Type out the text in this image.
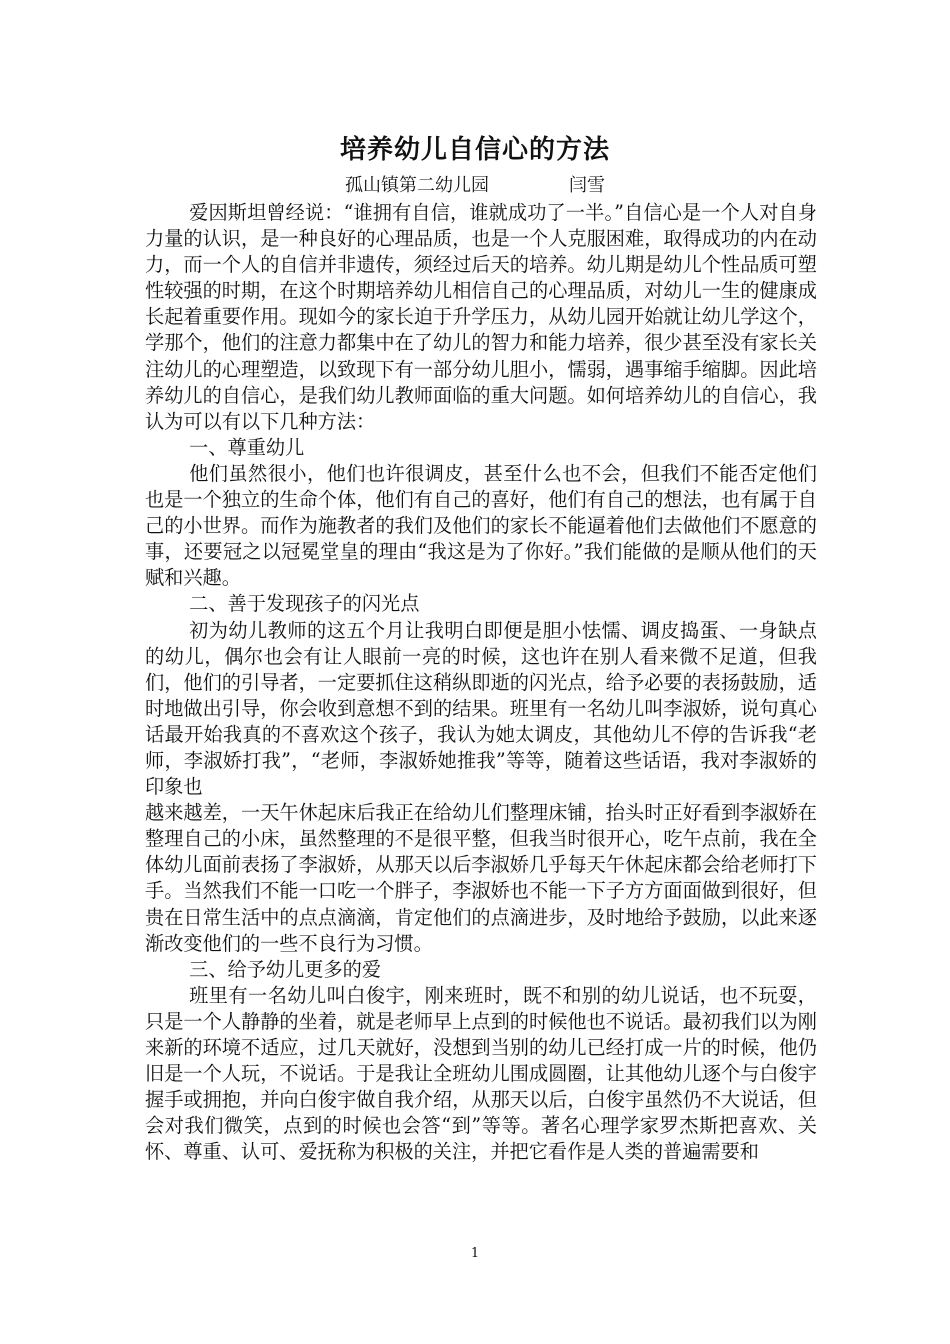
培养幼儿自信心的方法
孤山镇第二幼儿园	闫雪

爱因斯坦曾经说：“谁拥有自信，谁就成功了一半。”自信心是一个人对自身力量的认识，是一种良好的心理品质，也是一个人克服困难，取得成功的内在动力，而一个人的自信并非遗传，须经过后天的培养。幼儿期是幼儿个性品质可塑性较强的时期，在这个时期培养幼儿相信自己的心理品质，对幼儿一生的健康成长起着重要作用。现如今的家长迫于升学压力，从幼儿园开始就让幼儿学这个，学那个，他们的注意力都集中在了幼儿的智力和能力培养，很少甚至没有家长关注幼儿的心理塑造，以致现下有一部分幼儿胆小，懦弱，遇事缩手缩脚。因此培养幼儿的自信心，是我们幼儿教师面临的重大问题。如何培养幼儿的自信心，我认为可以有以下几种方法：

一、尊重幼儿

他们虽然很小，他们也许很调皮，甚至什么也不会，但我们不能否定他们也是一个独立的生命个体，他们有自己的喜好，他们有自己的想法，也有属于自己的小世界。而作为施教者的我们及他们的家长不能逼着他们去做他们不愿意的事，还要冠之以冠冕堂皇的理由“我这是为了你好。”我们能做的是顺从他们的天赋和兴趣。

二、善于发现孩子的闪光点

初为幼儿教师的这五个月让我明白即便是胆小怯懦、调皮捣蛋、一身缺点的幼儿，偶尔也会有让人眼前一亮的时候，这也许在别人看来微不足道，但我们，他们的引导者，一定要抓住这稍纵即逝的闪光点，给予必要的表扬鼓励，适时地做出引导，你会收到意想不到的结果。班里有一名幼儿叫李淑娇，说句真心话最开始我真的不喜欢这个孩子，我认为她太调皮，其他幼儿不停的告诉我“老师，李淑娇打我”，“老师，李淑娇她推我”等等，随着这些话语，我对李淑娇的印象也

越来越差，一天午休起床后我正在给幼儿们整理床铺，抬头时正好看到李淑娇在整理自己的小床，虽然整理的不是很平整，但我当时很开心，吃午点前，我在全体幼儿面前表扬了李淑娇，从那天以后李淑娇几乎每天午休起床都会给老师打下手。当然我们不能一口吃一个胖子，李淑娇也不能一下子方方面面做到很好，但贵在日常生活中的点点滴滴，肯定他们的点滴进步，及时地给予鼓励，以此来逐渐改变他们的一些不良行为习惯。

三、给予幼儿更多的爱

班里有一名幼儿叫白俊宇，刚来班时，既不和别的幼儿说话，也不玩耍，只是一个人静静的坐着，就是老师早上点到的时候他也不说话。最初我们以为刚来新的环境不适应，过几天就好，没想到当别的幼儿已经打成一片的时候，他仍旧是一个人玩，不说话。于是我让全班幼儿围成圆圈，让其他幼儿逐个与白俊宇握手或拥抱，并向白俊宇做自我介绍，从那天以后，白俊宇虽然仍不大说话，但会对我们微笑，点到的时候也会答“到”等等。著名心理学家罗杰斯把喜欢、关怀、尊重、认可、爱抚称为积极的关注，并把它看作是人类的普遍需要和

1
